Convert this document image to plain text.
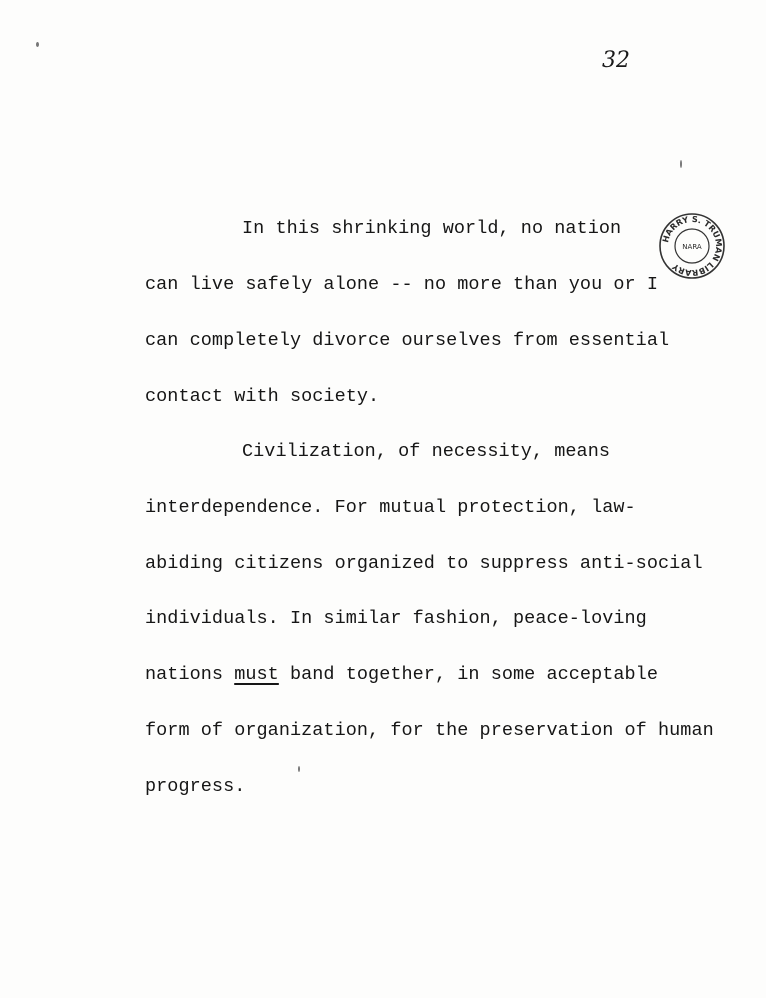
32
HARRY S. TRUMAN LIBRARY
NARA
In this shrinking world, no nation
can live safely alone -- no more than you or I
can completely divorce ourselves from essential
contact with society.
Civilization, of necessity, means
interdependence. For mutual protection, law-
abiding citizens organized to suppress anti-social
individuals. In similar fashion, peace-loving
nations must band together, in some acceptable
form of organization, for the preservation of human
progress.
